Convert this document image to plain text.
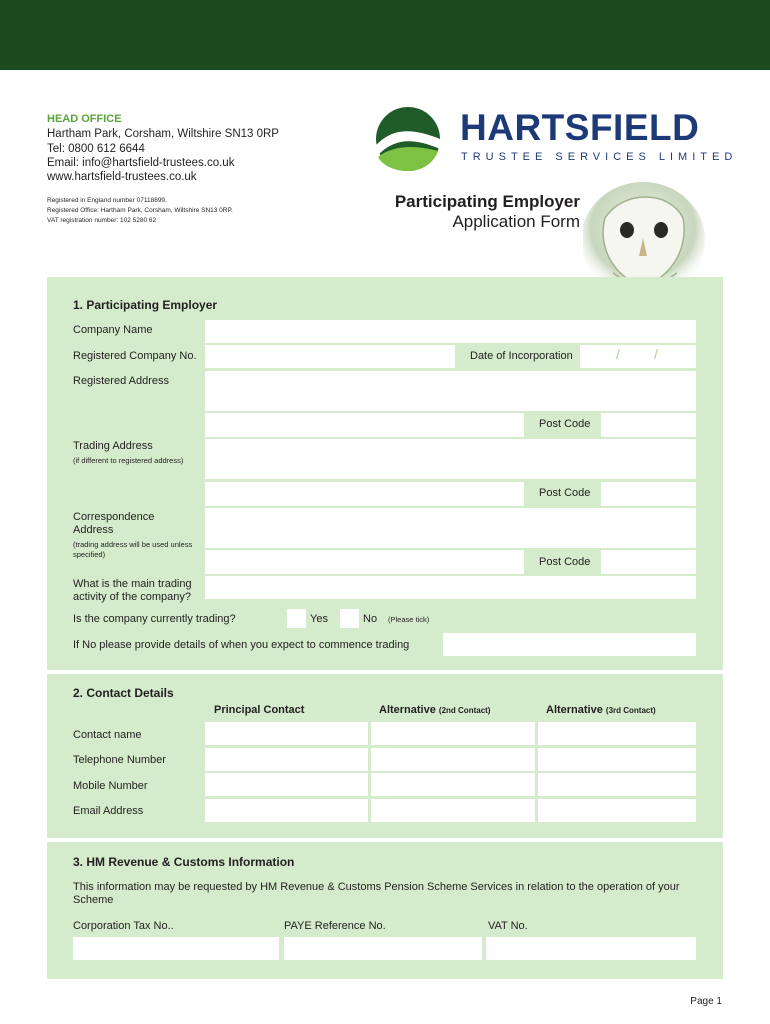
HEAD OFFICE
Hartham Park, Corsham, Wiltshire SN13 0RP
Tel: 0800 612 6644
Email: info@hartsfield-trustees.co.uk
www.hartsfield-trustees.co.uk
Registered in England number 07118899.
Registered Office: Hartham Park, Corsham, Wiltshire SN13 0RP.
VAT registration number: 102 5280 62
HARTSFIELD
TRUSTEE SERVICES LIMITED
Participating Employer
Application Form
1. Participating Employer
Company Name
Registered Company No.	Date of Incorporation	/ /
Registered Address
Post Code
Trading Address
(if different to registered address)
Post Code
Correspondence Address
(trading address will be used unless specified)
Post Code
What is the main trading activity of the company?
Is the company currently trading?	Yes	No (Please tick)
If No please provide details of when you expect to commence trading
2. Contact Details
Principal Contact	Alternative (2nd Contact)	Alternative (3rd Contact)
Contact name
Telephone Number
Mobile Number
Email Address
3. HM Revenue & Customs Information
This information may be requested by HM Revenue & Customs Pension Scheme Services in relation to the operation of your Scheme
Corporation Tax No..	PAYE Reference No.	VAT No.
Page 1
